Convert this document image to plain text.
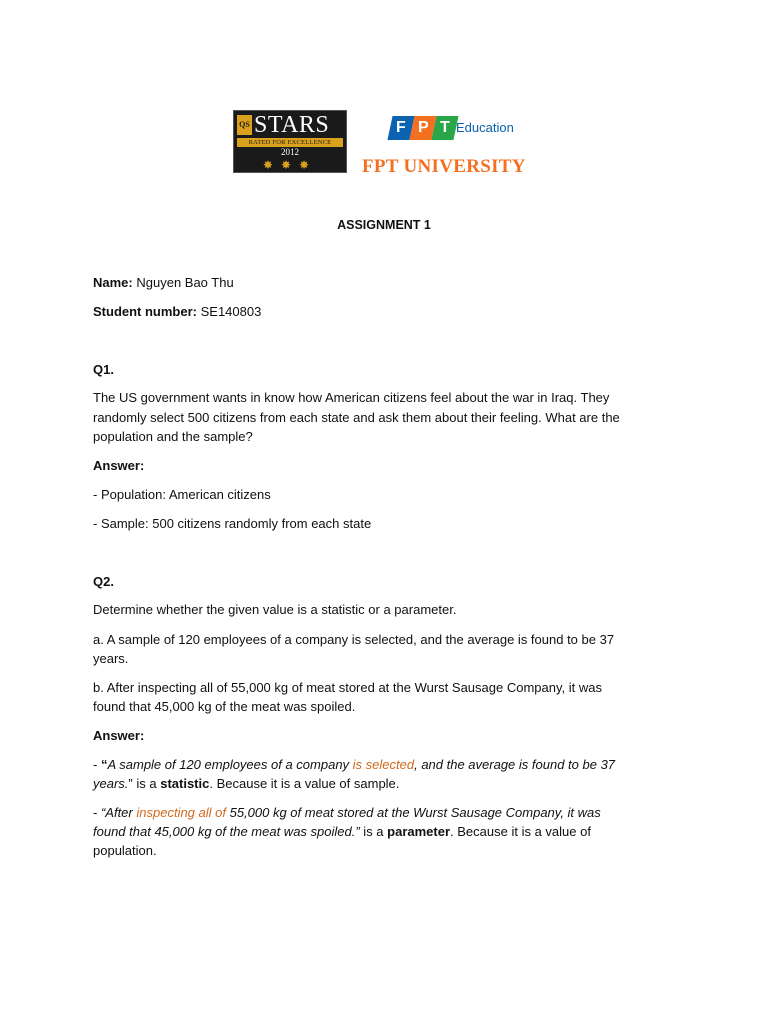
QS STARS
RATED FOR EXCELLENCE
2012
✸✸✸
F P T Education
FPT UNIVERSITY
ASSIGNMENT 1
Name: Nguyen Bao Thu
Student number: SE140803
Q1.
The US government wants in know how American citizens feel about the war in Iraq. They
randomly select 500 citizens from each state and ask them about their feeling. What are the
population and the sample?
Answer:
- Population: American citizens
- Sample: 500 citizens randomly from each state
Q2.
Determine whether the given value is a statistic or a parameter.
a. A sample of 120 employees of a company is selected, and the average is found to be 37
years.
b. After inspecting all of 55,000 kg of meat stored at the Wurst Sausage Company, it was
found that 45,000 kg of the meat was spoiled.
Answer:
- “A sample of 120 employees of a company is selected, and the average is found to be 37
years.” is a statistic. Because it is a value of sample.
- “After inspecting all of 55,000 kg of meat stored at the Wurst Sausage Company, it was
found that 45,000 kg of the meat was spoiled.” is a parameter. Because it is a value of
population.
